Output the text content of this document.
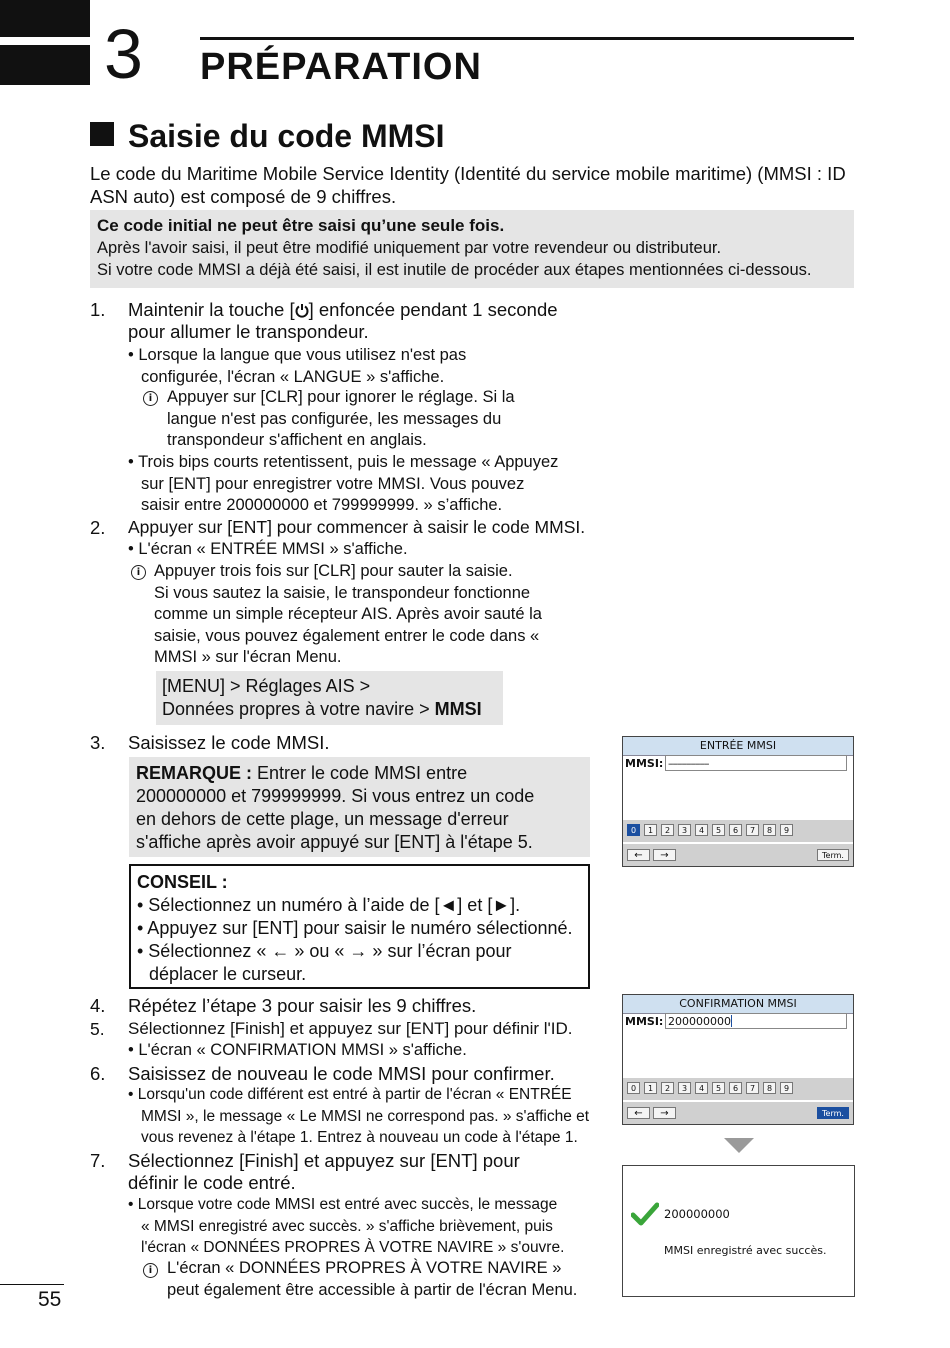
3 PRÉPARATION
Saisie du code MMSI
Le code du Maritime Mobile Service Identity (Identité du service mobile maritime) (MMSI : ID ASN auto) est composé de 9 chiffres.
Ce code initial ne peut être saisi qu’une seule fois.
Après l'avoir saisi, il peut être modifié uniquement par votre revendeur ou distributeur.
Si votre code MMSI a déjà été saisi, il est inutile de procéder aux étapes mentionnées ci-dessous.
1. Maintenir la touche [ ] enfoncée pendant 1 seconde
pour allumer le transpondeur.
• Lorsque la langue que vous utilisez n'est pas
configurée, l'écran « LANGUE » s'affiche.
i Appuyer sur [CLR] pour ignorer le réglage. Si la
langue n'est pas configurée, les messages du
transpondeur s'affichent en anglais.
• Trois bips courts retentissent, puis le message « Appuyez
sur [ENT] pour enregistrer votre MMSI. Vous pouvez
saisir entre 200000000 et 799999999. » s’affiche.
2. Appuyer sur [ENT] pour commencer à saisir le code MMSI.
• L'écran « ENTRÉE MMSI » s'affiche.
i Appuyer trois fois sur [CLR] pour sauter la saisie.
Si vous sautez la saisie, le transpondeur fonctionne
comme un simple récepteur AIS. Après avoir sauté la
saisie, vous pouvez également entrer le code dans «
MMSI » sur l'écran Menu.
[MENU] > Réglages AIS >
Données propres à votre navire > MMSI
3. Saisissez le code MMSI.
REMARQUE : Entrer le code MMSI entre
200000000 et 799999999. Si vous entrez un code
en dehors de cette plage, un message d'erreur
s'affiche après avoir appuyé sur [ENT] à l'étape 5.
CONSEIL :
• Sélectionnez un numéro à l’aide de [◄] et [►].
• Appuyez sur [ENT] pour saisir le numéro sélectionné.
• Sélectionnez « ← » ou « → » sur l’écran pour
déplacer le curseur.
4. Répétez l’étape 3 pour saisir les 9 chiffres.
5. Sélectionnez [Finish] et appuyez sur [ENT] pour définir l'ID.
• L'écran « CONFIRMATION MMSI » s'affiche.
6. Saisissez de nouveau le code MMSI pour confirmer.
• Lorsqu'un code différent est entré à partir de l'écran « ENTRÉE
MMSI », le message « Le MMSI ne correspond pas. » s'affiche et
vous revenez à l'étape 1. Entrez à nouveau un code à l'étape 1.
7. Sélectionnez [Finish] et appuyez sur [ENT] pour
définir le code entré.
• Lorsque votre code MMSI est entré avec succès, le message
« MMSI enregistré avec succès. » s'affiche brièvement, puis
l'écran « DONNÉES PROPRES À VOTRE NAVIRE » s'ouvre.
i L'écran « DONNÉES PROPRES À VOTRE NAVIRE »
peut également être accessible à partir de l'écran Menu.
ENTRÉE MMSI
MMSI: –––––––––
0	1	2	3	4	5	6	7	8	9
←	→	Term.
CONFIRMATION MMSI
MMSI: 200000000
0	1	2	3	4	5	6	7	8	9
←	→	Term.
200000000
MMSI enregistré avec succès.
55
